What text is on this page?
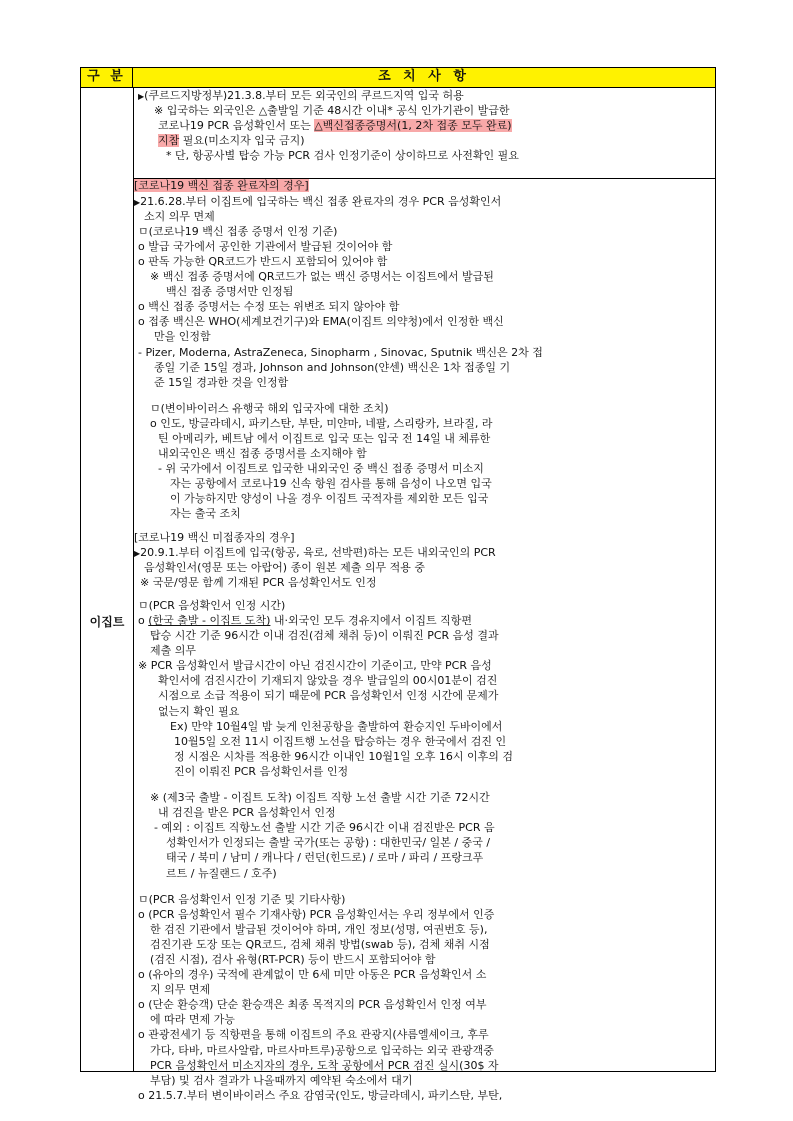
구 분	조 치 사 항
이집트
▶(쿠르드지방정부)21.3.8.부터 모든 외국인의 쿠르드지역 입국 허용
※ 입국하는 외국인은 △출발일 기준 48시간 이내* 공식 인가기관이 발급한
코로나19 PCR 음성확인서 또는 △백신접종증명서(1, 2차 접종 모두 완료)
지참 필요(미소지자 입국 금지)
* 단, 항공사별 탑승 가능 PCR 검사 인정기준이 상이하므로 사전확인 필요
[코로나19 백신 접종 완료자의 경우]
▶21.6.28.부터 이집트에 입국하는 백신 접종 완료자의 경우 PCR 음성확인서
소지 의무 면제
ㅁ(코로나19 백신 접종 증명서 인정 기준)
o 발급 국가에서 공인한 기관에서 발급된 것이어야 함
o 판독 가능한 QR코드가 반드시 포함되어 있어야 함
※ 백신 접종 증명서에 QR코드가 없는 백신 증명서는 이집트에서 발급된
백신 접종 증명서만 인정됨
o 백신 접종 증명서는 수정 또는 위변조 되지 않아야 함
o 접종 백신은 WHO(세계보건기구)와 EMA(이집트 의약청)에서 인정한 백신
만을 인정함
- Pizer, Moderna, AstraZeneca, Sinopharm , Sinovac, Sputnik 백신은 2차 접
종일 기준 15일 경과, Johnson and Johnson(얀센) 백신은 1차 접종일 기
준 15일 경과한 것을 인정함
ㅁ(변이바이러스 유행국 해외 입국자에 대한 조치)
o 인도, 방글라데시, 파키스탄, 부탄, 미얀마, 네팔, 스리랑카, 브라질, 라
틴 아메리카, 베트남 에서 이집트로 입국 또는 입국 전 14일 내 체류한
내외국인은 백신 접종 증명서를 소지해야 함
- 위 국가에서 이집트로 입국한 내외국인 중 백신 접종 증명서 미소지
자는 공항에서 코로나19 신속 항원 검사를 통해 음성이 나오면 입국
이 가능하지만 양성이 나올 경우 이집트 국적자를 제외한 모든 입국
자는 출국 조치
[코로나19 백신 미접종자의 경우]
▶20.9.1.부터 이집트에 입국(항공, 육로, 선박편)하는 모든 내외국인의 PCR
음성확인서(영문 또는 아랍어) 종이 원본 제출 의무 적용 중
※ 국문/영문 함께 기재된 PCR 음성확인서도 인정
ㅁ(PCR 음성확인서 인정 시간)
o (한국 출발 - 이집트 도착) 내·외국인 모두 경유지에서 이집트 직항편
탑승 시간 기준 96시간 이내 검진(검체 채취 등)이 이뤄진 PCR 음성 결과
제출 의무
※ PCR 음성확인서 발급시간이 아닌 검진시간이 기준이고, 만약 PCR 음성
확인서에 검진시간이 기재되지 않았을 경우 발급일의 00시01분이 검진
시점으로 소급 적용이 되기 때문에 PCR 음성확인서 인정 시간에 문제가
없는지 확인 필요
Ex) 만약 10월4일 밤 늦게 인천공항을 출발하여 환승지인 두바이에서
10월5일 오전 11시 이집트행 노선을 탑승하는 경우 한국에서 검진 인
정 시점은 시차를 적용한 96시간 이내인 10월1일 오후 16시 이후의 검
진이 이뤄진 PCR 음성확인서를 인정
※ (제3국 출발 - 이집트 도착) 이집트 직항 노선 출발 시간 기준 72시간
내 검진을 받은 PCR 음성확인서 인정
- 예외 : 이집트 직항노선 출발 시간 기준 96시간 이내 검진받은 PCR 음
성확인서가 인정되는 출발 국가(또는 공항) : 대한민국/ 일본 / 중국 /
태국 / 북미 / 남미 / 캐나다 / 런던(힌드로) / 로마 / 파리 / 프랑크푸
르트 / 뉴질랜드 / 호주)
ㅁ(PCR 음성확인서 인정 기준 및 기타사항)
o (PCR 음성확인서 필수 기재사항) PCR 음성확인서는 우리 정부에서 인증
한 검진 기관에서 발급된 것이어야 하며, 개인 정보(성명, 여권번호 등),
검진기관 도장 또는 QR코드, 검체 채취 방법(swab 등), 검체 채취 시점
(검진 시점), 검사 유형(RT-PCR) 등이 반드시 포함되어야 함
o (유아의 경우) 국적에 관계없이 만 6세 미만 아동은 PCR 음성확인서 소
지 의무 면제
o (단순 환승객) 단순 환승객은 최종 목적지의 PCR 음성확인서 인정 여부
에 따라 면제 가능
o 관광전세기 등 직항편을 통해 이집트의 주요 관광지(샤름엘셰이크, 후루
가다, 타바, 마르사알람, 마르사마트루)공항으로 입국하는 외국 관광객중
PCR 음성확인서 미소지자의 경우, 도착 공항에서 PCR 검진 실시(30$ 자
부담) 및 검사 결과가 나올때까지 예약된 숙소에서 대기
o 21.5.7.부터 변이바이러스 주요 감염국(인도, 방글라데시, 파키스탄, 부탄,
